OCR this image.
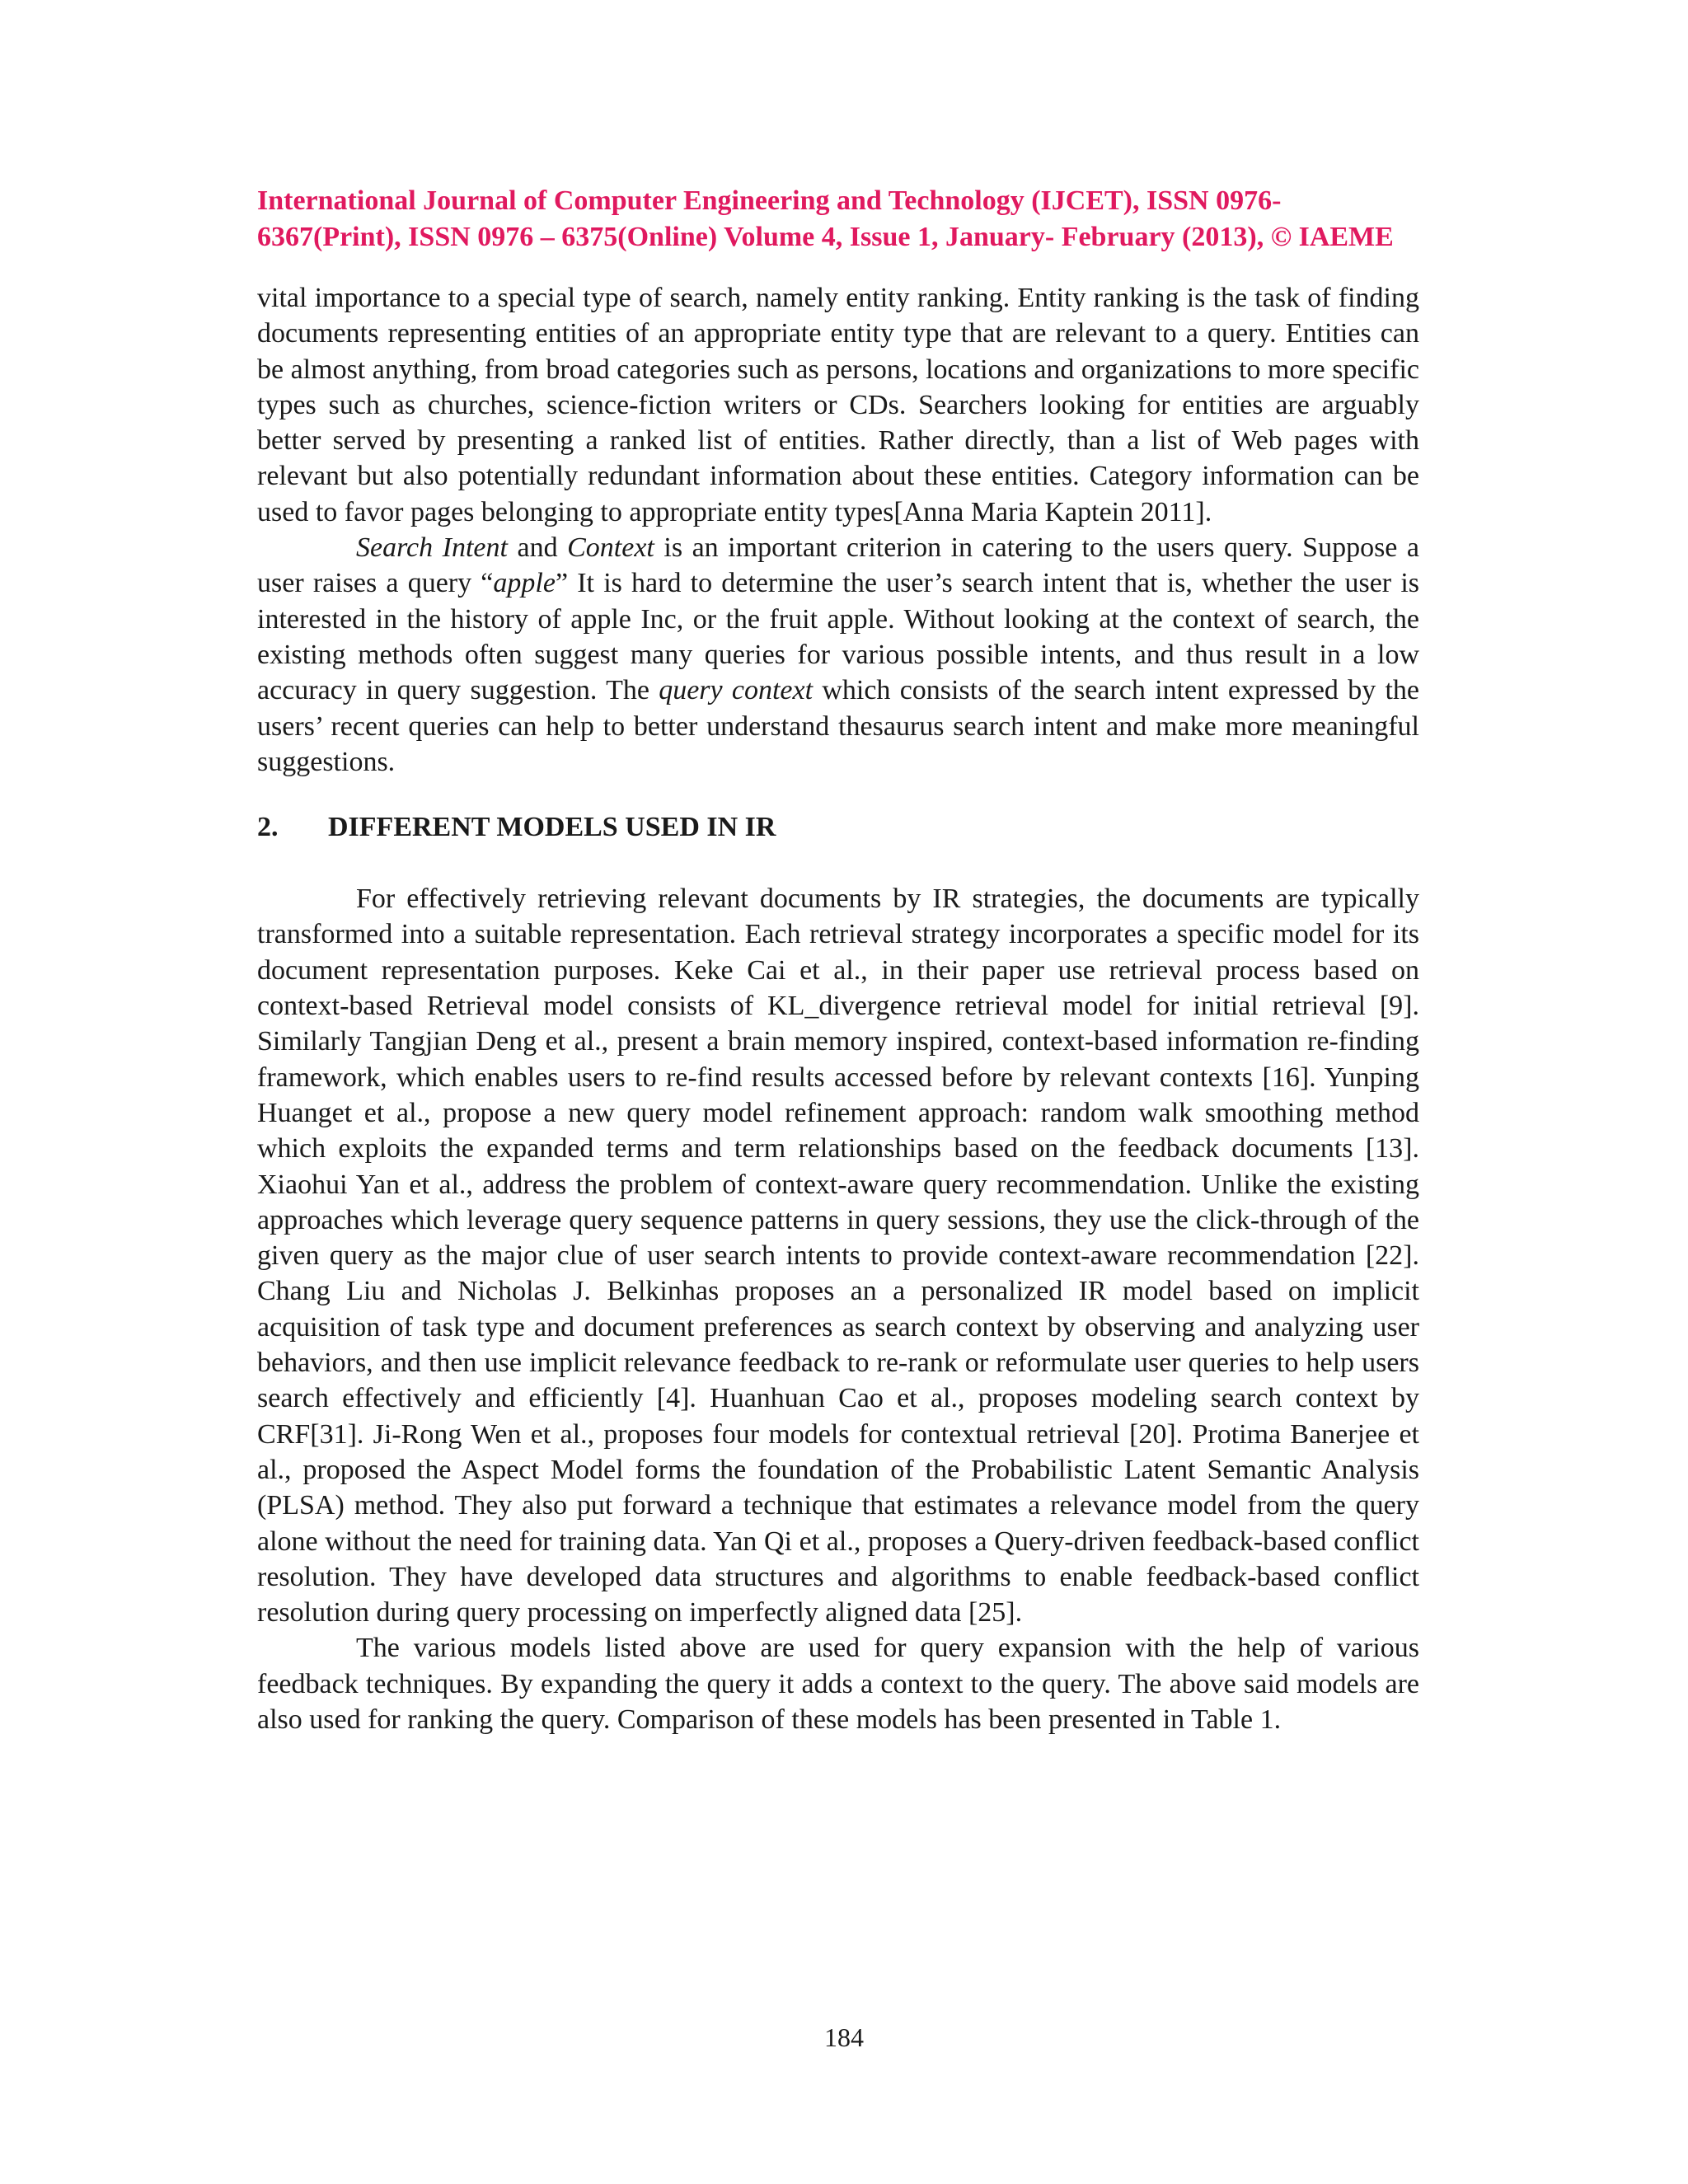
International Journal of Computer Engineering and Technology (IJCET), ISSN 0976-
6367(Print), ISSN 0976 – 6375(Online) Volume 4, Issue 1, January- February (2013), © IAEME

vital importance to a special type of search, namely entity ranking. Entity ranking is the task of finding documents representing entities of an appropriate entity type that are relevant to a query. Entities can be almost anything, from broad categories such as persons, locations and organizations to more specific types such as churches, science-fiction writers or CDs. Searchers looking for entities are arguably better served by presenting a ranked list of entities. Rather directly, than a list of Web pages with relevant but also potentially redundant information about these entities. Category information can be used to favor pages belonging to appropriate entity types[Anna Maria Kaptein 2011].

Search Intent and Context is an important criterion in catering to the users query. Suppose a user raises a query “apple” It is hard to determine the user’s search intent that is, whether the user is interested in the history of apple Inc, or the fruit apple. Without looking at the context of search, the existing methods often suggest many queries for various possible intents, and thus result in a low accuracy in query suggestion. The query context which consists of the search intent expressed by the users’ recent queries can help to better understand thesaurus search intent and make more meaningful suggestions.

2. DIFFERENT MODELS USED IN IR

For effectively retrieving relevant documents by IR strategies, the documents are typically transformed into a suitable representation. Each retrieval strategy incorporates a specific model for its document representation purposes. Keke Cai et al., in their paper use retrieval process based on context-based Retrieval model consists of KL_divergence retrieval model for initial retrieval [9]. Similarly Tangjian Deng et al., present a brain memory inspired, context-based information re-finding framework, which enables users to re-find results accessed before by relevant contexts [16]. Yunping Huanget et al., propose a new query model refinement approach: random walk smoothing method which exploits the expanded terms and term relationships based on the feedback documents [13]. Xiaohui Yan et al., address the problem of context-aware query recommendation. Unlike the existing approaches which leverage query sequence patterns in query sessions, they use the click-through of the given query as the major clue of user search intents to provide context-aware recommendation [22]. Chang Liu and Nicholas J. Belkinhas proposes an a personalized IR model based on implicit acquisition of task type and document preferences as search context by observing and analyzing user behaviors, and then use implicit relevance feedback to re-rank or reformulate user queries to help users search effectively and efficiently [4]. Huanhuan Cao et al., proposes modeling search context by CRF[31]. Ji-Rong Wen et al., proposes four models for contextual retrieval [20]. Protima Banerjee et al., proposed the Aspect Model forms the foundation of the Probabilistic Latent Semantic Analysis (PLSA) method. They also put forward a technique that estimates a relevance model from the query alone without the need for training data. Yan Qi et al., proposes a Query-driven feedback-based conflict resolution. They have developed data structures and algorithms to enable feedback-based conflict resolution during query processing on imperfectly aligned data [25].

The various models listed above are used for query expansion with the help of various feedback techniques. By expanding the query it adds a context to the query. The above said models are also used for ranking the query. Comparison of these models has been presented in Table 1.

184
